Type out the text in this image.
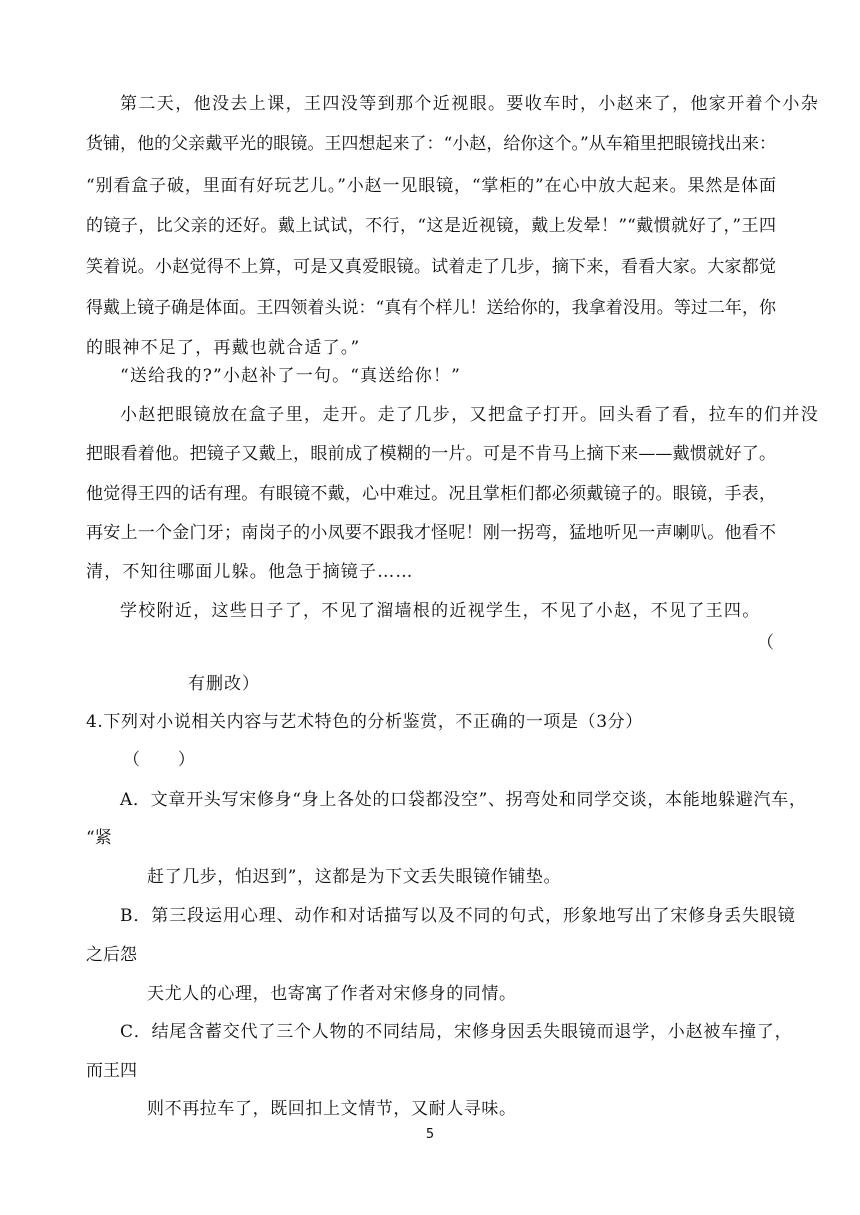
第二天，他没去上课，王四没等到那个近视眼。要收车时，小赵来了，他家开着个小杂
货铺，他的父亲戴平光的眼镜。王四想起来了：“小赵，给你这个。”从车箱里把眼镜找出来：
“别看盒子破，里面有好玩艺儿。”小赵一见眼镜，“掌柜的”在心中放大起来。果然是体面
的镜子，比父亲的还好。戴上试试，不行，“这是近视镜，戴上发晕！”“戴惯就好了，”王四
笑着说。小赵觉得不上算，可是又真爱眼镜。试着走了几步，摘下来，看看大家。大家都觉
得戴上镜子确是体面。王四领着头说：“真有个样儿！送给你的，我拿着没用。等过二年，你
的眼神不足了，再戴也就合适了。”
“送给我的?”小赵补了一句。“真送给你！”
小赵把眼镜放在盒子里，走开。走了几步，又把盒子打开。回头看了看，拉车的们并没
把眼看着他。把镜子又戴上，眼前成了模糊的一片。可是不肯马上摘下来——戴惯就好了。
他觉得王四的话有理。有眼镜不戴，心中难过。况且掌柜们都必须戴镜子的。眼镜，手表，
再安上一个金门牙；南岗子的小凤要不跟我才怪呢！刚一拐弯，猛地听见一声喇叭。他看不
清，不知往哪面儿躲。他急于摘镜子……
学校附近，这些日子了，不见了溜墙根的近视学生，不见了小赵，不见了王四。
（
有删改）
4.下列对小说相关内容与艺术特色的分析鉴赏，不正确的一项是（3分）
（       ）
A．文章开头写宋修身“身上各处的口袋都没空”、拐弯处和同学交谈，本能地躲避汽车，
“紧
赶了几步，怕迟到”，这都是为下文丢失眼镜作铺垫。
B．第三段运用心理、动作和对话描写以及不同的句式，形象地写出了宋修身丢失眼镜
之后怨
天尤人的心理，也寄寓了作者对宋修身的同情。
C．结尾含蓄交代了三个人物的不同结局，宋修身因丢失眼镜而退学，小赵被车撞了，
而王四
则不再拉车了，既回扣上文情节，又耐人寻味。
5
